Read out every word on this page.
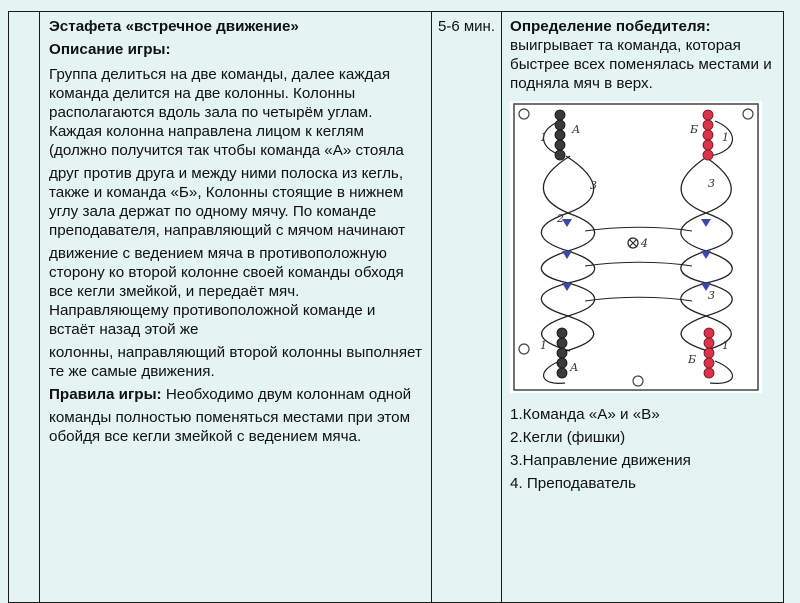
Эстафета «встречное движение»

Описание игры:

Группа делиться на две команды, далее каждая команда делится на две колонны. Колонны располагаются вдоль зала по четырём углам. Каждая колонна направлена лицом к кеглям (должно получится так чтобы команда «А» стояла

друг против друга и между ними полоска из кегль, также и команда «Б», Колонны стоящие в нижнем углу зала держат по одному мячу. По команде преподавателя, направляющий с мячом начинают

движение с ведением мяча в противоположную сторону ко второй колонне своей команды обходя все кегли змейкой, и передаёт мяч. Направляющему противоположной команде и встаёт назад этой же

колонны, направляющий второй колонны выполняет те же самые движения.

Правила игры: Необходимо двум колоннам одной

команды полностью поменяться местами при этом обойдя все кегли змейкой с ведением мяча.

	5-6 мин.	Определение победителя:

выигрывает та команда, которая быстрее всех поменялась местами и подняла мяч в верх.

1
А
1
А
3
2
1
Б
1
Б
3
3
4
1.Команда «А» и «В»
2.Кегли (фишки)
3.Направление движения
4. Преподаватель
